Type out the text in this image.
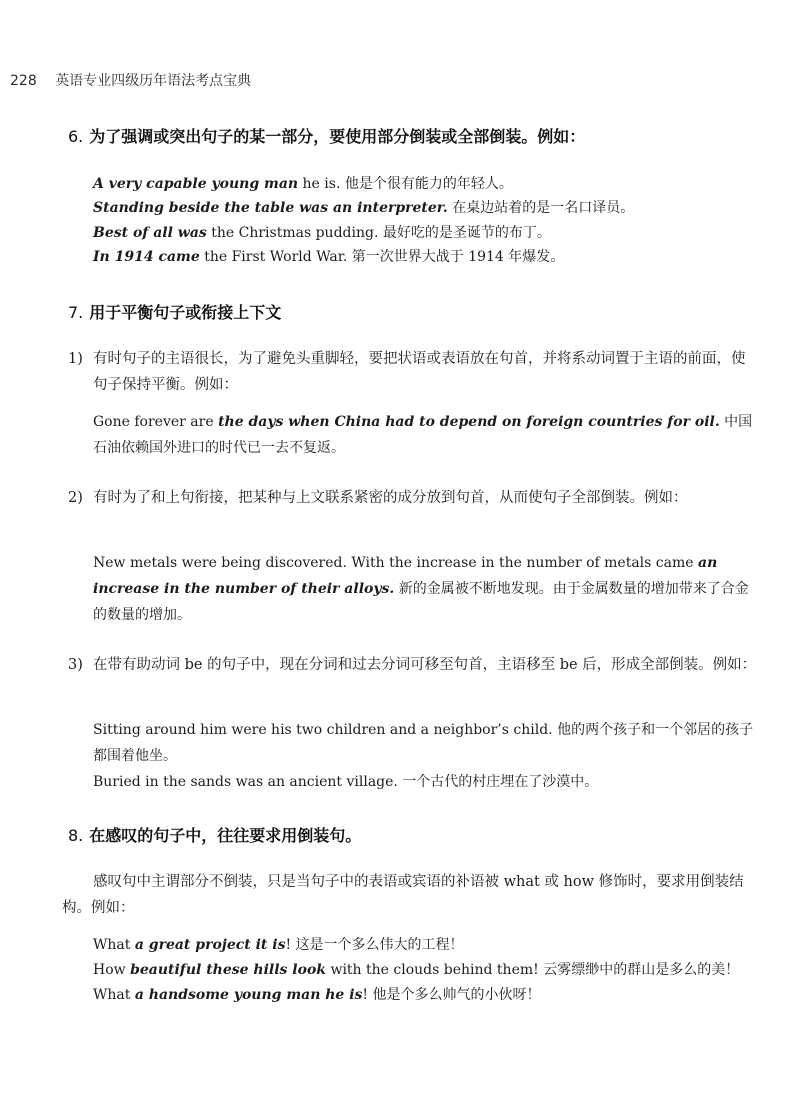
228 英语专业四级历年语法考点宝典
6. 为了强调或突出句子的某一部分，要使用部分倒装或全部倒装。例如：
A very capable young man he is. 他是个很有能力的年轻人。
Standing beside the table was an interpreter. 在桌边站着的是一名口译员。
Best of all was the Christmas pudding. 最好吃的是圣诞节的布丁。
In 1914 came the First World War. 第一次世界大战于 1914 年爆发。
7. 用于平衡句子或衔接上下文
1) 有时句子的主语很长，为了避免头重脚轻，要把状语或表语放在句首，并将系动词置于主语的前面，使句子保持平衡。例如：
Gone forever are the days when China had to depend on foreign countries for oil. 中国石油依赖国外进口的时代已一去不复返。
2) 有时为了和上句衔接，把某种与上文联系紧密的成分放到句首，从而使句子全部倒装。例如：
New metals were being discovered. With the increase in the number of metals came an increase in the number of their alloys. 新的金属被不断地发现。由于金属数量的增加带来了合金的数量的增加。
3) 在带有助动词 be 的句子中，现在分词和过去分词可移至句首，主语移至 be 后，形成全部倒装。例如：
Sitting around him were his two children and a neighbor’s child. 他的两个孩子和一个邻居的孩子都围着他坐。
Buried in the sands was an ancient village. 一个古代的村庄埋在了沙漠中。
8. 在感叹的句子中，往往要求用倒装句。
感叹句中主谓部分不倒装，只是当句子中的表语或宾语的补语被 what 或 how 修饰时，要求用倒装结构。例如：
What a great project it is! 这是一个多么伟大的工程！
How beautiful these hills look with the clouds behind them! 云雾缥缈中的群山是多么的美！
What a handsome young man he is! 他是个多么帅气的小伙呀！
